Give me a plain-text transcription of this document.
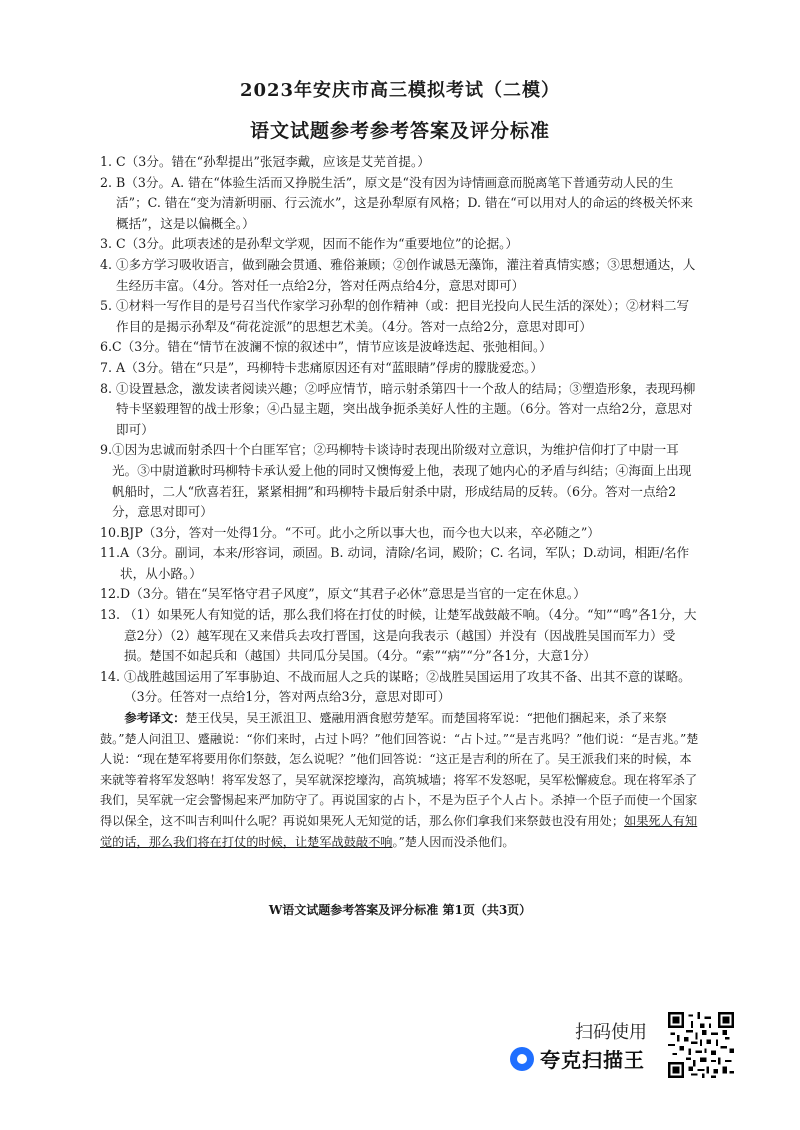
2023年安庆市高三模拟考试（二模）
语文试题参考参考答案及评分标准
1. C（3分。错在“孙犁提出”张冠李戴，应该是艾芜首提。）
2. B（3分。A. 错在“体验生活而又挣脱生活”，原文是“没有因为诗情画意而脱离笔下普通劳动人民的生活”；C. 错在“变为清新明丽、行云流水”，这是孙犁原有风格；D. 错在“可以用对人的命运的终极关怀来概括”，这是以偏概全。）
3. C（3分。此项表述的是孙犁文学观，因而不能作为“重要地位”的论据。）
4. ①多方学习吸收语言，做到融会贯通、雅俗兼顾；②创作诚恳无藻饰，灌注着真情实感；③思想通达，人生经历丰富。（4分。答对任一点给2分，答对任两点给4分，意思对即可）
5. ①材料一写作目的是号召当代作家学习孙犁的创作精神（或：把目光投向人民生活的深处）；②材料二写作目的是揭示孙犁及“荷花淀派”的思想艺术美。（4分。答对一点给2分，意思对即可）
6. C（3分。错在“情节在波澜不惊的叙述中”，情节应该是波峰迭起、张弛相间。）
7. A（3分。错在“只是”，玛柳特卡悲痛原因还有对“蓝眼睛”俘虏的朦胧爱恋。）
8. ①设置悬念，激发读者阅读兴趣；②呼应情节，暗示射杀第四十一个敌人的结局；③塑造形象，表现玛柳特卡坚毅理智的战士形象；④凸显主题，突出战争扼杀美好人性的主题。（6分。答对一点给2分，意思对即可）
9. ①因为忠诚而射杀四十个白匪军官；②玛柳特卡谈诗时表现出阶级对立意识，为维护信仰打了中尉一耳光。③中尉道歉时玛柳特卡承认爱上他的同时又懊悔爱上他，表现了她内心的矛盾与纠结；④海面上出现帆船时，二人“欣喜若狂，紧紧相拥”和玛柳特卡最后射杀中尉，形成结局的反转。（6分。答对一点给2分，意思对即可）
10. BJP（3分，答对一处得1分。“不可。此小之所以事大也，而今也大以来，卒必随之”）
11. A（3分。副词，本来/形容词，顽固。B. 动词，清除/名词，殿阶；C. 名词，军队；D.动词，相距/名作状，从小路。）
12. D（3分。错在“吴军恪守君子风度”，原文“其君子必休”意思是当官的一定在休息。）
13. （1）如果死人有知觉的话，那么我们将在打仗的时候，让楚军战鼓敲不响。（4分。“知”“鸣”各1分，大意2分）（2）越军现在又来借兵去攻打晋国，这是向我表示（越国）并没有（因战胜吴国而军力）受损。楚国不如起兵和（越国）共同瓜分吴国。（4分。“索”“病”“分”各1分，大意1分）
14. ①战胜越国运用了军事胁迫、不战而屈人之兵的谋略；②战胜吴国运用了攻其不备、出其不意的谋略。（3分。任答对一点给1分，答对两点给3分，意思对即可）
参考译文：楚王伐吴，吴王派沮卫、蹙融用酒食慰劳楚军。而楚国将军说：“把他们捆起来，杀了来祭鼓。”楚人问沮卫、蹙融说：“你们来时，占过卜吗？”他们回答说：“占卜过。”“是吉兆吗？”他们说：“是吉兆。”楚人说：“现在楚军将要用你们祭鼓，怎么说呢？”他们回答说：“这正是吉利的所在了。吴王派我们来的时候，本来就等着将军发怒呐！将军发怒了，吴军就深挖壕沟，高筑城墙；将军不发怒呢，吴军松懈疲怠。现在将军杀了我们，吴军就一定会警惕起来严加防守了。再说国家的占卜，不是为臣子个人占卜。杀掉一个臣子而使一个国家得以保全，这不叫吉利叫什么呢？再说如果死人无知觉的话，那么你们拿我们来祭鼓也没有用处；如果死人有知觉的话，那么我们将在打仗的时候，让楚军战鼓敲不响。”楚人因而没杀他们。
W语文试题参考答案及评分标准 第1页（共3页）
扫码使用
夸克扫描王
